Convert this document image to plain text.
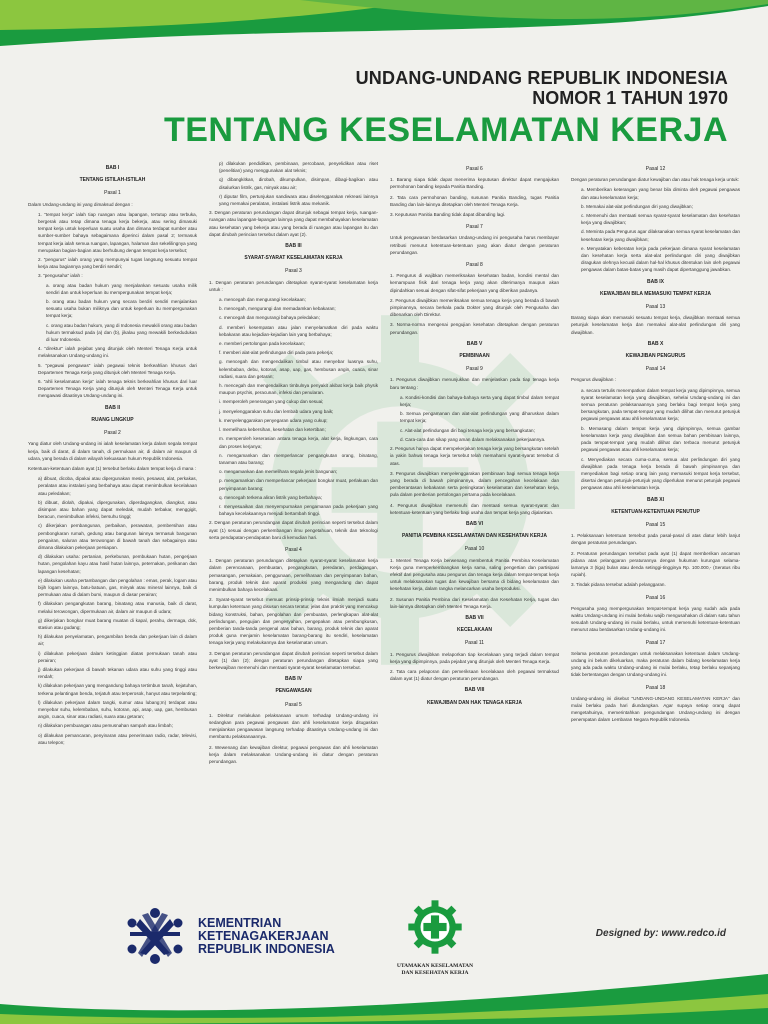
UNDANG-UNDANG REPUBLIK INDONESIA
NOMOR 1 TAHUN 1970
TENTANG KESELAMATAN KERJA
BAB I
TENTANG ISTILAH-ISTILAH
Pasal 1
Dalam Undang-undang ini yang dimaksud dengan :
1. "tempat kerja" ialah tiap ruangan atau lapangan, tertutup atau terbuka, bergerak atau tetap dimana tenaga kerja bekerja, atau sering dimasuki tempat kerja untuk keperluan suatu usaha dan dimana terdapat sumber atau sumber-sumber bahaya sebagaimana diperinci dalam pasal 2; termasuk tempat kerja ialah semua ruangan, lapangan, halaman dan sekelilingnya yang merupakan bagian-bagian atau berhubung dengan tempat kerja tersebut;
2. "pengurus" ialah orang yang mempunyai tugas langsung sesuatu tempat kerja atau bagiannya yang berdiri sendiri;
3. "pengusaha" ialah :
a. orang atau badan hukum yang menjalankan sesuatu usaha milik sendiri dan untuk keperluan itu mempergunakan tempat kerja;
b. orang atau badan hukum yang secara berdiri sendiri menjalankan sesuatu usaha bukan miliknya dan untuk keperluan itu mempergunakan tempat kerja;
c. orang atau badan hukum, yang di Indonesia mewakili orang atau badan hukum termaksud pada (a) dan (b), jikalau yang mewakili berkedudukan di luar Indonesia.
4. "direktur" ialah pejabat yang ditunjuk oleh Menteri Tenaga Kerja untuk melaksanakan Undang-undang ini.
5. "pegawai pengawas" ialah pegawai teknis berkeahlian khusus dari Departemen Tenaga Kerja yang ditunjuk oleh Menteri Tenaga Kerja.
6. "ahli keselamatan kerja" ialah tenaga teknis berkeahlian khusus dari luar Departemen Tenaga Kerja yang ditunjuk oleh Menteri Tenaga Kerja untuk mengawasi ditaatinya Undang-undang ini.
BAB II
RUANG LINGKUP
Pasal 2
Yang diatur oleh Undang-undang ini ialah keselamatan kerja dalam segala tempat kerja, baik di darat, di dalam tanah, di permukaan air, di dalam air maupun di udara, yang berada di dalam wilayah kekuasaan hukum Republik Indonesia.
Ketentuan-ketentuan dalam ayat (1) tersebut berlaku dalam tempat kerja di mana :
a) dibuat, dicoba, dipakai atau dipergunakan mesin, pesawat, alat, perkakas, peralatan atau instalasi yang berbahaya atau dapat menimbulkan kecelakaan atau peledakan;
b) dibuat, diolah, dipakai, dipergunakan, diperdagangkan, diangkut, atau disimpan atau bahan yang dapat meledak, mudah terbakar, menggigit, beracun, menimbulkan infeksi, bersuhu tinggi;
c) dikerjakan pembangunan, perbaikan, perawatan, pembersihan atau pembongkaran rumah, gedung atau bangunan lainnya termasuk bangunan pengairan, saluran atau terowongan di bawah tanah dan sebagainya atau dimana dilakukan pekerjaan persiapan.
d) dilakukan usaha: pertanian, perkebunan, pembukaan hutan, pengerjaan hutan, pengolahan kayu atau hasil hutan lainnya, peternakan, perikanan dan lapangan kesehatan;
e) dilakukan usaha pertambangan dan pengolahan : emas, perak, logam atau bijih logam lainnya, batu-batuan, gas, minyak atau mineral lainnya, baik di permukaan atau di dalam bumi, maupun di dasar perairan;
f) dilakukan pengangkutan barang, binatang atau manusia, baik di darat, melalui terowongan, dipermukaan air, dalam air maupun di udara;
g) dikerjakan bongkar muat barang muatan di kapal, perahu, dermaga, dok, stasiun atau gudang;
h) dilakukan penyelamatan, pengambilan benda dan pekerjaan lain di dalam air;
i) dilakukan pekerjaan dalam ketinggian diatas permukaan tanah atau perairan;
j) dilakukan pekerjaan di bawah tekanan udara atau suhu yang tinggi atau rendah;
k) dilakukan pekerjaan yang mengandung bahaya tertimbun tanah, kejatuhan, terkena pelantingan benda, terjatuh atau terperosok, hanyut atau terpelanting;
l) dilakukan pekerjaan dalam tangki, sumur atau lubang;m) terdapat atau menyebar suhu, kelembaban, suhu, kotoran, api, asap, uap, gas, hembusan angin, cuaca, sinar atau radiasi, suara atau getaran;
n) dilakukan pembuangan atau pemusnahan sampah atau limbah;
o) dilakukan pemancaran, penyinaran atau penerimaan radio, radar, televisi, atau telepon;
p) dilakukan pendidikan, pembinaan, percobaan, penyelidikan atau riset (penelitian) yang menggunakan alat teknis;
q) dibangkitkan, dirobah, dikumpulkan, disimpan, dibagi-bagikan atau disalurkan listrik, gas, minyak atau air;
r) diputar film, pertunjukan sandiwara atau diselenggarakan rekreasi lainnya yang memakai peralatan, instalasi listrik atau mekanik.
3. Dengan peraturan perundangan dapat ditunjuk sebagai tempat kerja, ruangan-ruangan atau lapangan-lapangan lainnya yang dapat membahayakan keselamatan atau kesehatan yang bekerja atau yang berada di ruangan atau lapangan itu dan dapat dirubah perincian tersebut dalam ayat (2).
BAB III
SYARAT-SYARAT KESELAMATAN KERJA
Pasal 3
1. Dengan peraturan perundangan ditetapkan syarat-syarat keselamatan kerja untuk :
a. mencegah dan mengurangi kecelakaan;
b. mencegah, mengurangi dan memadamkan kebakaran;
c. mencegah dan mengurangi bahaya peledakan;
d. memberi kesempatan atau jalan menyelamatkan diri pada waktu kebakaran atau kejadian-kejadian lain yang berbahaya;
e. memberi pertolongan pada kecelakaan;
f. memberi alat-alat perlindungan diri pada para pekerja;
g. mencegah dan mengendalikan timbul atau menyebar luasnya suhu, kelembaban, debu, kotoran, asap, uap, gas, hembusan angin, cuaca, sinar radiasi, suara dan getaran;
h. mencegah dan mengendalikan timbulnya penyakit akibat kerja baik physik maupun psychis, peracunan, infeksi dan penularan.
i. memperoleh penerangan yang cukup dan sesuai;
j. menyelenggarakan suhu dan lembab udara yang baik;
k. menyelenggarakan penyegaran udara yang cukup;
l. memelihara kebersihan, kesehatan dan ketertiban;
m. memperoleh keserasian antara tenaga kerja, alat kerja, lingkungan, cara dan proses kerjanya;
n. mengamankan dan memperlancar pengangkutan orang, binatang, tanaman atau barang;
o. mengamankan dan memelihara segala jenis bangunan;
p. mengamankan dan memperlancar pekerjaan bongkar muat, perlakuan dan penyimpanan barang;
q. mencegah terkena aliran listrik yang berbahaya;
r. menyesuaikan dan menyempurnakan pengamanan pada pekerjaan yang bahaya kecelakaannya menjadi bertambah tinggi.
2. Dengan peraturan perundangan dapat dirubah perincian seperti tersebut dalam ayat (1) sesuai dengan perkembangan ilmu pengetahuan, teknik dan teknologi serta pendapatan-pendapatan baru di kemudian hari.
Pasal 4
1. Dengan peraturan perundangan ditetapkan syarat-syarat keselamatan kerja dalam perencanaan, pembuatan, pengangkutan, peredaran, perdagangan, pemasangan, pemakaian, penggunaan, pemeliharaan dan penyimpanan bahan, barang, produk teknis dan aparat produksi yang mengandung dan dapat menimbulkan bahaya kecelakaan.
2. Syarat-syarat tersebut memuat prinsip-prinsip teknis ilmiah menjadi suatu kumpulan ketentuan yang disusun secara teratur, jelas dan praktis yang mencakup bidang konstruksi, bahan, pengolahan dan pembuatan, perlengkapan alat-alat perlindungan, pengujian dan pengesyahan, pengepakan atau pembungkusan, pemberian tanda-tanda pengenal atas bahan, barang, produk teknis dan aparat produk guna menjamin keselamatan barang-barang itu sendiri, keselamatan tenaga kerja yang melakukannya dan keselamatan umum.
3. Dengan peraturan perundangan dapat dirubah perincian seperti tersebut dalam ayat (1) dan (2); dengan peraturan perundangan ditetapkan siapa yang berkewajiban memenuhi dan mentaati syarat-syarat keselamatan tersebut.
BAB IV
PENGAWASAN
Pasal 5
1. Direktur melakukan pelaksanaan umum terhadap Undang-undang ini sedangkan para pegawai pengawas dan ahli keselamatan kerja ditugaskan menjalankan pengawasan langsung terhadap ditaatinya Undang-undang ini dan membantu pelaksanaannya.
2. Wewenang dan kewajiban direktur, pegawai pengawas dan ahli keselamatan kerja dalam melaksanakan Undang-undang ini diatur dengan peraturan perundangan.
Pasal 6
1. Barang siapa tidak dapat menerima keputusan direktur dapat mengajukan permohonan banding kepada Panitia Banding.
2. Tata cara permohonan banding, susunan Panitia Banding, tugas Panitia Banding dan lain-lainnya ditetapkan oleh Menteri Tenaga Kerja.
3. Keputusan Panitia Banding tidak dapat dibanding lagi.
Pasal 7
Untuk pengawasan berdasarkan Undang-undang ini pengusaha harus membayar retribusi menurut ketentuan-ketentuan yang akan diatur dengan peraturan perundangan.
Pasal 8
1. Pengurus di wajibkan memeriksakan kesehatan badan, kondisi mental dan kemampuan fisik dari tenaga kerja yang akan diterimanya maupun akan dipindahkan sesuai dengan sifat-sifat pekerjaan yang diberikan padanya.
2. Pengurus diwajibkan memeriksakan semua tenaga kerja yang berada di bawah pimpinannya, secara berkala pada Dokter yang ditunjuk oleh Pengusaha dan dibenarkan oleh Direktur.
3. Norma-norma mengenai pengujian kesehatan ditetapkan dengan peraturan perundangan.
BAB V
PEMBINAAN
Pasal 9
1. Pengurus diwajibkan menunjukkan dan menjelaskan pada tiap tenaga kerja baru tentang :
a. Kondisi-kondisi dan bahaya-bahaya serta yang dapat timbul dalam tempat kerja;
b. Semua pengamanan dan alat-alat perlindungan yang diharuskan dalam tempat kerja;
c. Alat-alat perlindungan diri bagi tenaga kerja yang bersangkutan;
d. Cara-cara dan sikap yang aman dalam melaksanakan pekerjaannya.
2. Pengurus hanya dapat mempekerjakan tenaga kerja yang bersangkutan setelah ia yakin bahwa tenaga kerja tersebut telah memahami syarat-syarat tersebut di atas.
3. Pengurus diwajibkan menyelenggarakan pembinaan bagi semua tenaga kerja yang berada di bawah pimpinannya, dalam pencegahan kecelakaan dan pemberantasan kebakaran serta peningkatan keselamatan dan kesehatan kerja, pula dalam pemberian pertolongan pertama pada kecelakaan.
4. Pengurus diwajibkan memenuhi dan mentaati semua syarat-syarat dan ketentuan-ketentuan yang berlaku bagi usaha dan tempat kerja yang dijalankan.
BAB VI
PANITIA PEMBINA KESELAMATAN DAN KESEHATAN KERJA
Pasal 10
1. Menteri Tenaga Kerja berwenang membentuk Panitia Pembina Keselamatan Kerja guna memperkembangkan kerja sama, saling pengertian dan partisipasi efektif dari pengusaha atau pengurus dan tenaga kerja dalam tempat-tempat kerja untuk melaksanakan tugas dan kewajiban bersama di bidang keselamatan dan kesehatan kerja, dalam rangka melancarkan usaha berproduksi.
2. Susunan Panitia Pembina dari Keselamatan dan Kesehatan Kerja, tugas dan lain-lainnya ditetapkan oleh Menteri Tenaga Kerja.
BAB VII
KECELAKAAN
Pasal 11
1. Pengurus diwajibkan melaporkan tiap kecelakaan yang terjadi dalam tempat kerja yang dipimpinnya, pada pejabat yang ditunjuk oleh Menteri Tenaga Kerja.
2. Tata cara pelaporan dan pemeriksaan kecelakaan oleh pegawai termaksud dalam ayat (1) diatur dengan peraturan perundangan.
BAB VIII
KEWAJIBAN DAN HAK TENAGA KERJA
Pasal 12
Dengan peraturan perundangan diatur kewajiban dan atau hak tenaga kerja untuk:
a. Memberikan keterangan yang benar bila diminta oleh pegawai pengawas dan atau keselamatan kerja;
b. Memakai alat-alat perlindungan diri yang diwajibkan;
c. Memenuhi dan mentaati semua syarat-syarat keselamatan dan kesehatan kerja yang diwajibkan;
d. Meminta pada Pengurus agar dilaksanakan semua syarat keselamatan dan kesehatan kerja yang diwajibkan;
e. Menyatakan keberatan kerja pada pekerjaan dimana syarat keselamatan dan kesehatan kerja serta alat-alat perlindungan diri yang diwajibkan diragukan olehnya kecuali dalam hal-hal khusus ditentukan lain oleh pegawai pengawas dalam batas-batas yang masih dapat dipertanggung jawabkan.
BAB IX
KEWAJIBAN BILA MEMASUKI TEMPAT KERJA
Pasal 13
Barang siapa akan memasuki sesuatu tempat kerja, diwajibkan mentaati semua petunjuk keselamatan kerja dan memakai alat-alat perlindungan diri yang diwajibkan.
BAB X
KEWAJIBAN PENGURUS
Pasal 14
Pengurus diwajibkan :
a. secara tertulis menempatkan dalam tempat kerja yang dipimpinnya, semua syarat keselamatan kerja yang diwajibkan, sehelai Undang-undang ini dan semua peraturan pelaksanaannya yang berlaku bagi tempat kerja yang bersangkutan, pada tempat-tempat yang mudah dilihat dan menurut petunjuk pegawai pengawas atau ahli keselamatan kerja;
b. Memasang dalam tempat kerja yang dipimpinnya, semua gambar keselamatan kerja yang diwajibkan dan semua bahan pembinaan lainnya, pada tempat-tempat yang mudah dilihat dan terbaca menurut petunjuk pegawai pengawas atau ahli keselamatan kerja;
c. Menyediakan secara cuma-cuma, semua alat perlindungan diri yang diwajibkan pada tenaga kerja berada di bawah pimpinannya dan menyediakan bagi setiap orang lain yang memasuki tempat kerja tersebut, disertai dengan petunjuk-petunjuk yang diperlukan menurut petunjuk pegawai pengawas atau ahli keselamatan kerja.
BAB XI
KETENTUAN-KETENTUAN PENUTUP
Pasal 15
1. Pelaksanaan ketentuan tersebut pada pasal-pasal di atas diatur lebih lanjut dengan peraturan perundangan.
2. Peraturan perundangan tersebut pada ayat (1) dapat memberikan ancaman pidana atas pelanggaran peraturannya dengan hukuman kurungan selama-lamanya 3 (tiga) bulan atau denda setinggi-tingginya Rp. 100.000,- (Seratus ribu rupiah).
3. Tindak pidana tersebut adalah pelanggaran.
Pasal 16
Pengusaha yang mempergunakan tempat-tempat kerja yang sudah ada pada waktu Undang-undang ini mulai berlaku wajib mengusahakan di dalam satu tahun sesudah Undang-undang ini mulai berlaku, untuk memenuhi ketentuan-ketentuan menurut atau berdasarkan Undang-undang ini.
Pasal 17
Selama peraturan perundangan untuk melaksanakan ketentuan dalam Undang-undang ini belum dikeluarkan, maka peraturan dalam bidang keselamatan kerja yang ada pada waktu Undang-undang ini mulai berlaku, tetap berlaku sepanjang tidak bertentangan dengan Undang-undang ini.
Pasal 18
Undang-undang ini disebut "UNDANG-UNDANG KESELAMATAN KERJA" dan mulai berlaku pada hari diundangkan. Agar supaya setiap orang dapat mengetahuinya, memerintahkan pengundangan Undang-undang ini dengan penempatan dalam Lembaran Negara Republik Indonesia.
KEMENTRIAN
KETENAGAKERJAAN
REPUBLIK INDONESIA
UTAMAKAN KESELAMATAN
DAN KESEHATAN KERJA
Designed by: www.redco.id
